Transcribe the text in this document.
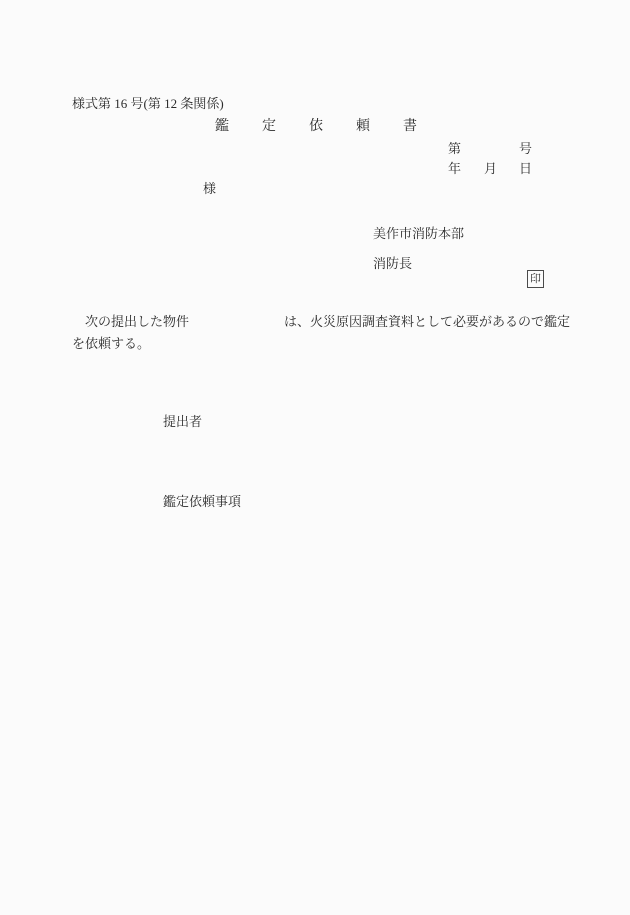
様式第 16 号(第 12 条関係)
鑑定依頼書
第	号
年 月 日
様
美作市消防本部
消防長

印

次の提出した物件	は、火災原因調査資料として必要があるので鑑定
を依頼する。
提出者
鑑定依頼事項
